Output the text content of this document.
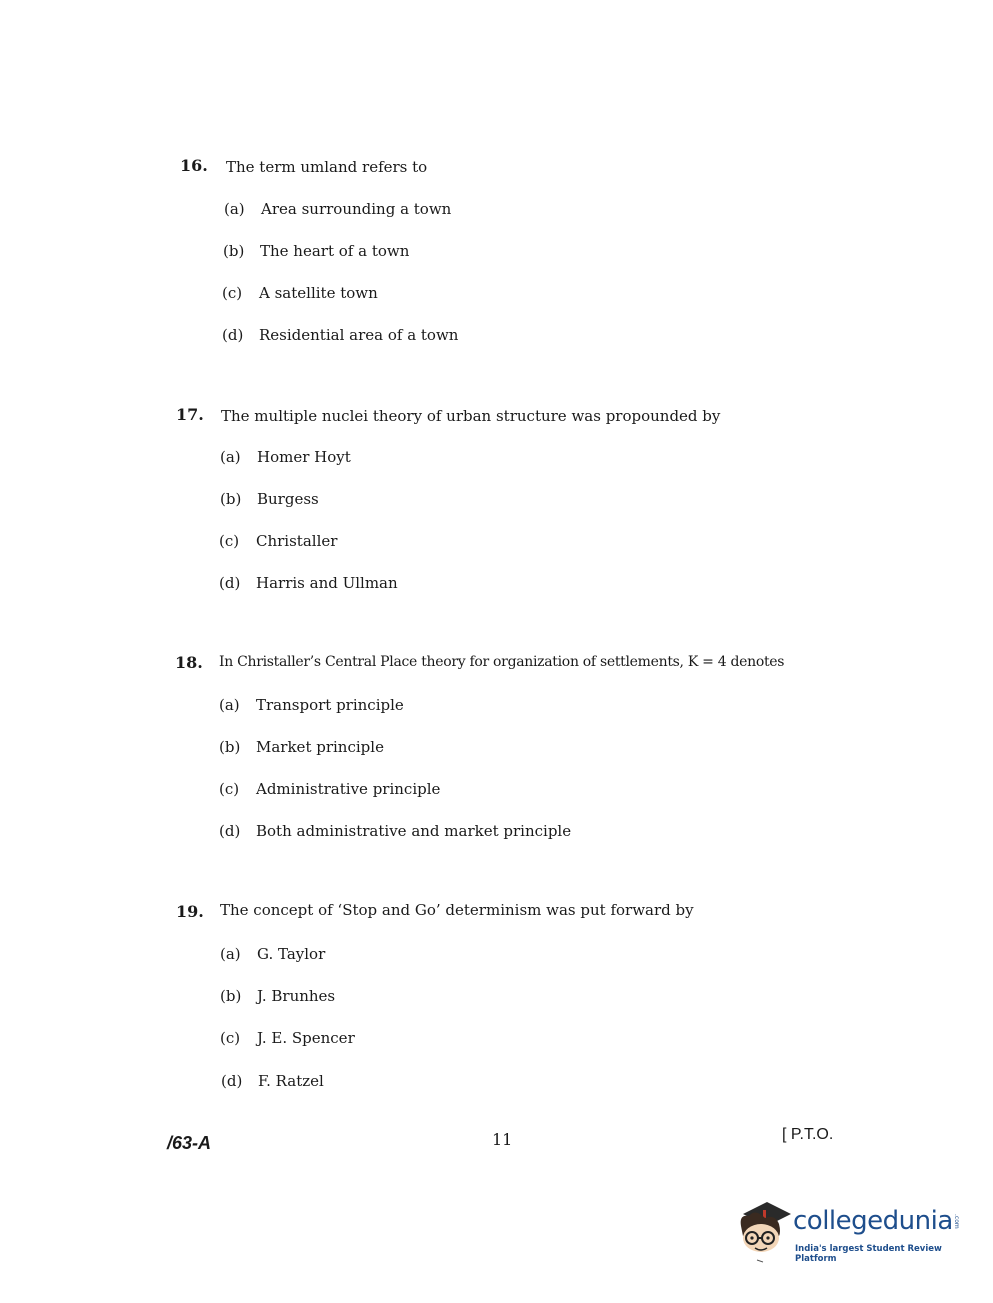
16. The term umland refers to
(a) Area surrounding a town
(b) The heart of a town
(c) A satellite town
(d) Residential area of a town
17. The multiple nuclei theory of urban structure was propounded by
(a) Homer Hoyt
(b) Burgess
(c) Christaller
(d) Harris and Ullman
18. In Christaller’s Central Place theory for organization of settlements, K = 4 denotes
(a) Transport principle
(b) Market principle
(c) Administrative principle
(d) Both administrative and market principle
19. The concept of ‘Stop and Go’ determinism was put forward by
(a) G. Taylor
(b) J. Brunhes
(c) J. E. Spencer
(d) F. Ratzel
/63-A	11	[ P.T.O.
collegedunia .com
India's largest Student Review Platform
